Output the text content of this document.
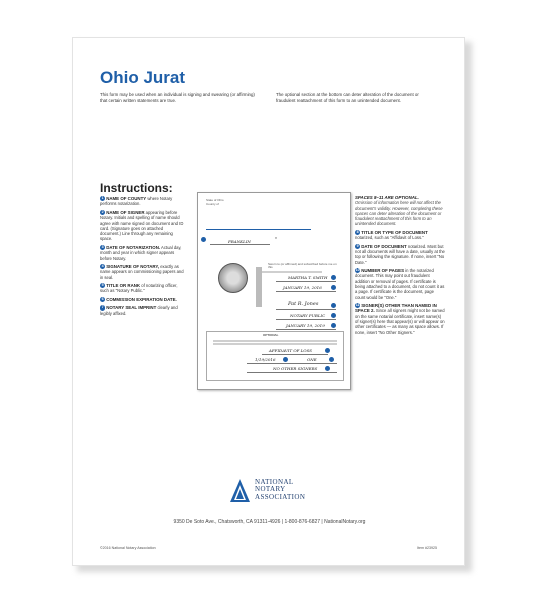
Ohio Jurat
This form may be used when an individual is signing and swearing (or affirming) that certain written statements are true.
The optional section at the bottom can deter alteration of the document or fraudulent reattachment of this form to an unintended document.
Instructions:
1 NAME OF COUNTY where Notary performs notarization.
2 NAME OF SIGNER appearing before Notary. Initials and spelling of name should agree with name signed on document and ID card. (Signature goes on attached document.) Line through any remaining space.
3 DATE OF NOTARIZATION. Actual day, month and year in which signer appears before Notary.
4 SIGNATURE OF NOTARY, exactly as name appears on commissioning papers and in seal.
5 TITLE OR RANK of notarizing officer, such as "Notary Public."
6 COMMISSION EXPIRATION DATE.
7 NOTARY SEAL IMPRINT clearly and legibly affixed.
State of Ohio
County of
FRANKLIN	*
Sworn to (or affirmed) and subscribed before me on this
MARTHA T. SMITH
JANUARY 19, 2016
Pat R. Jones
NOTARY PUBLIC
JANUARY 19, 2019
OPTIONAL
AFFIDAVIT OF LOSS
1/19/2016	ONE
NO OTHER SIGNERS
SPACES 8–11 ARE OPTIONAL.
Omission of information here will not affect the document's validity. However, completing these spaces can deter alteration of the document or fraudulent reattachment of this form to an unintended document.
8 TITLE OR TYPE OF DOCUMENT notarized, such as "Affidavit of Loss."
9 DATE OF DOCUMENT notarized. Most but not all documents will have a date, usually at the top or following the signature. If none, insert "No Date."
10 NUMBER OF PAGES in the notarized document. This may point out fraudulent addition or removal of pages. If certificate is being attached to a document, do not count it as a page. If certificate is the document, page count would be "One."
11 SIGNER(S) OTHER THAN NAMED IN SPACE 2. Since all signers might not be named on the same notarial certificate, insert name(s) of signer(s) here that appear(s) or will appear on other certificates — as many as space allows. If none, insert "No Other Signers."
NATIONAL
NOTARY
ASSOCIATION
9350 De Soto Ave., Chatsworth, CA 91311-4926 | 1-800-876-6827 | NationalNotary.org
©2016 National Notary Association	Item #23925
